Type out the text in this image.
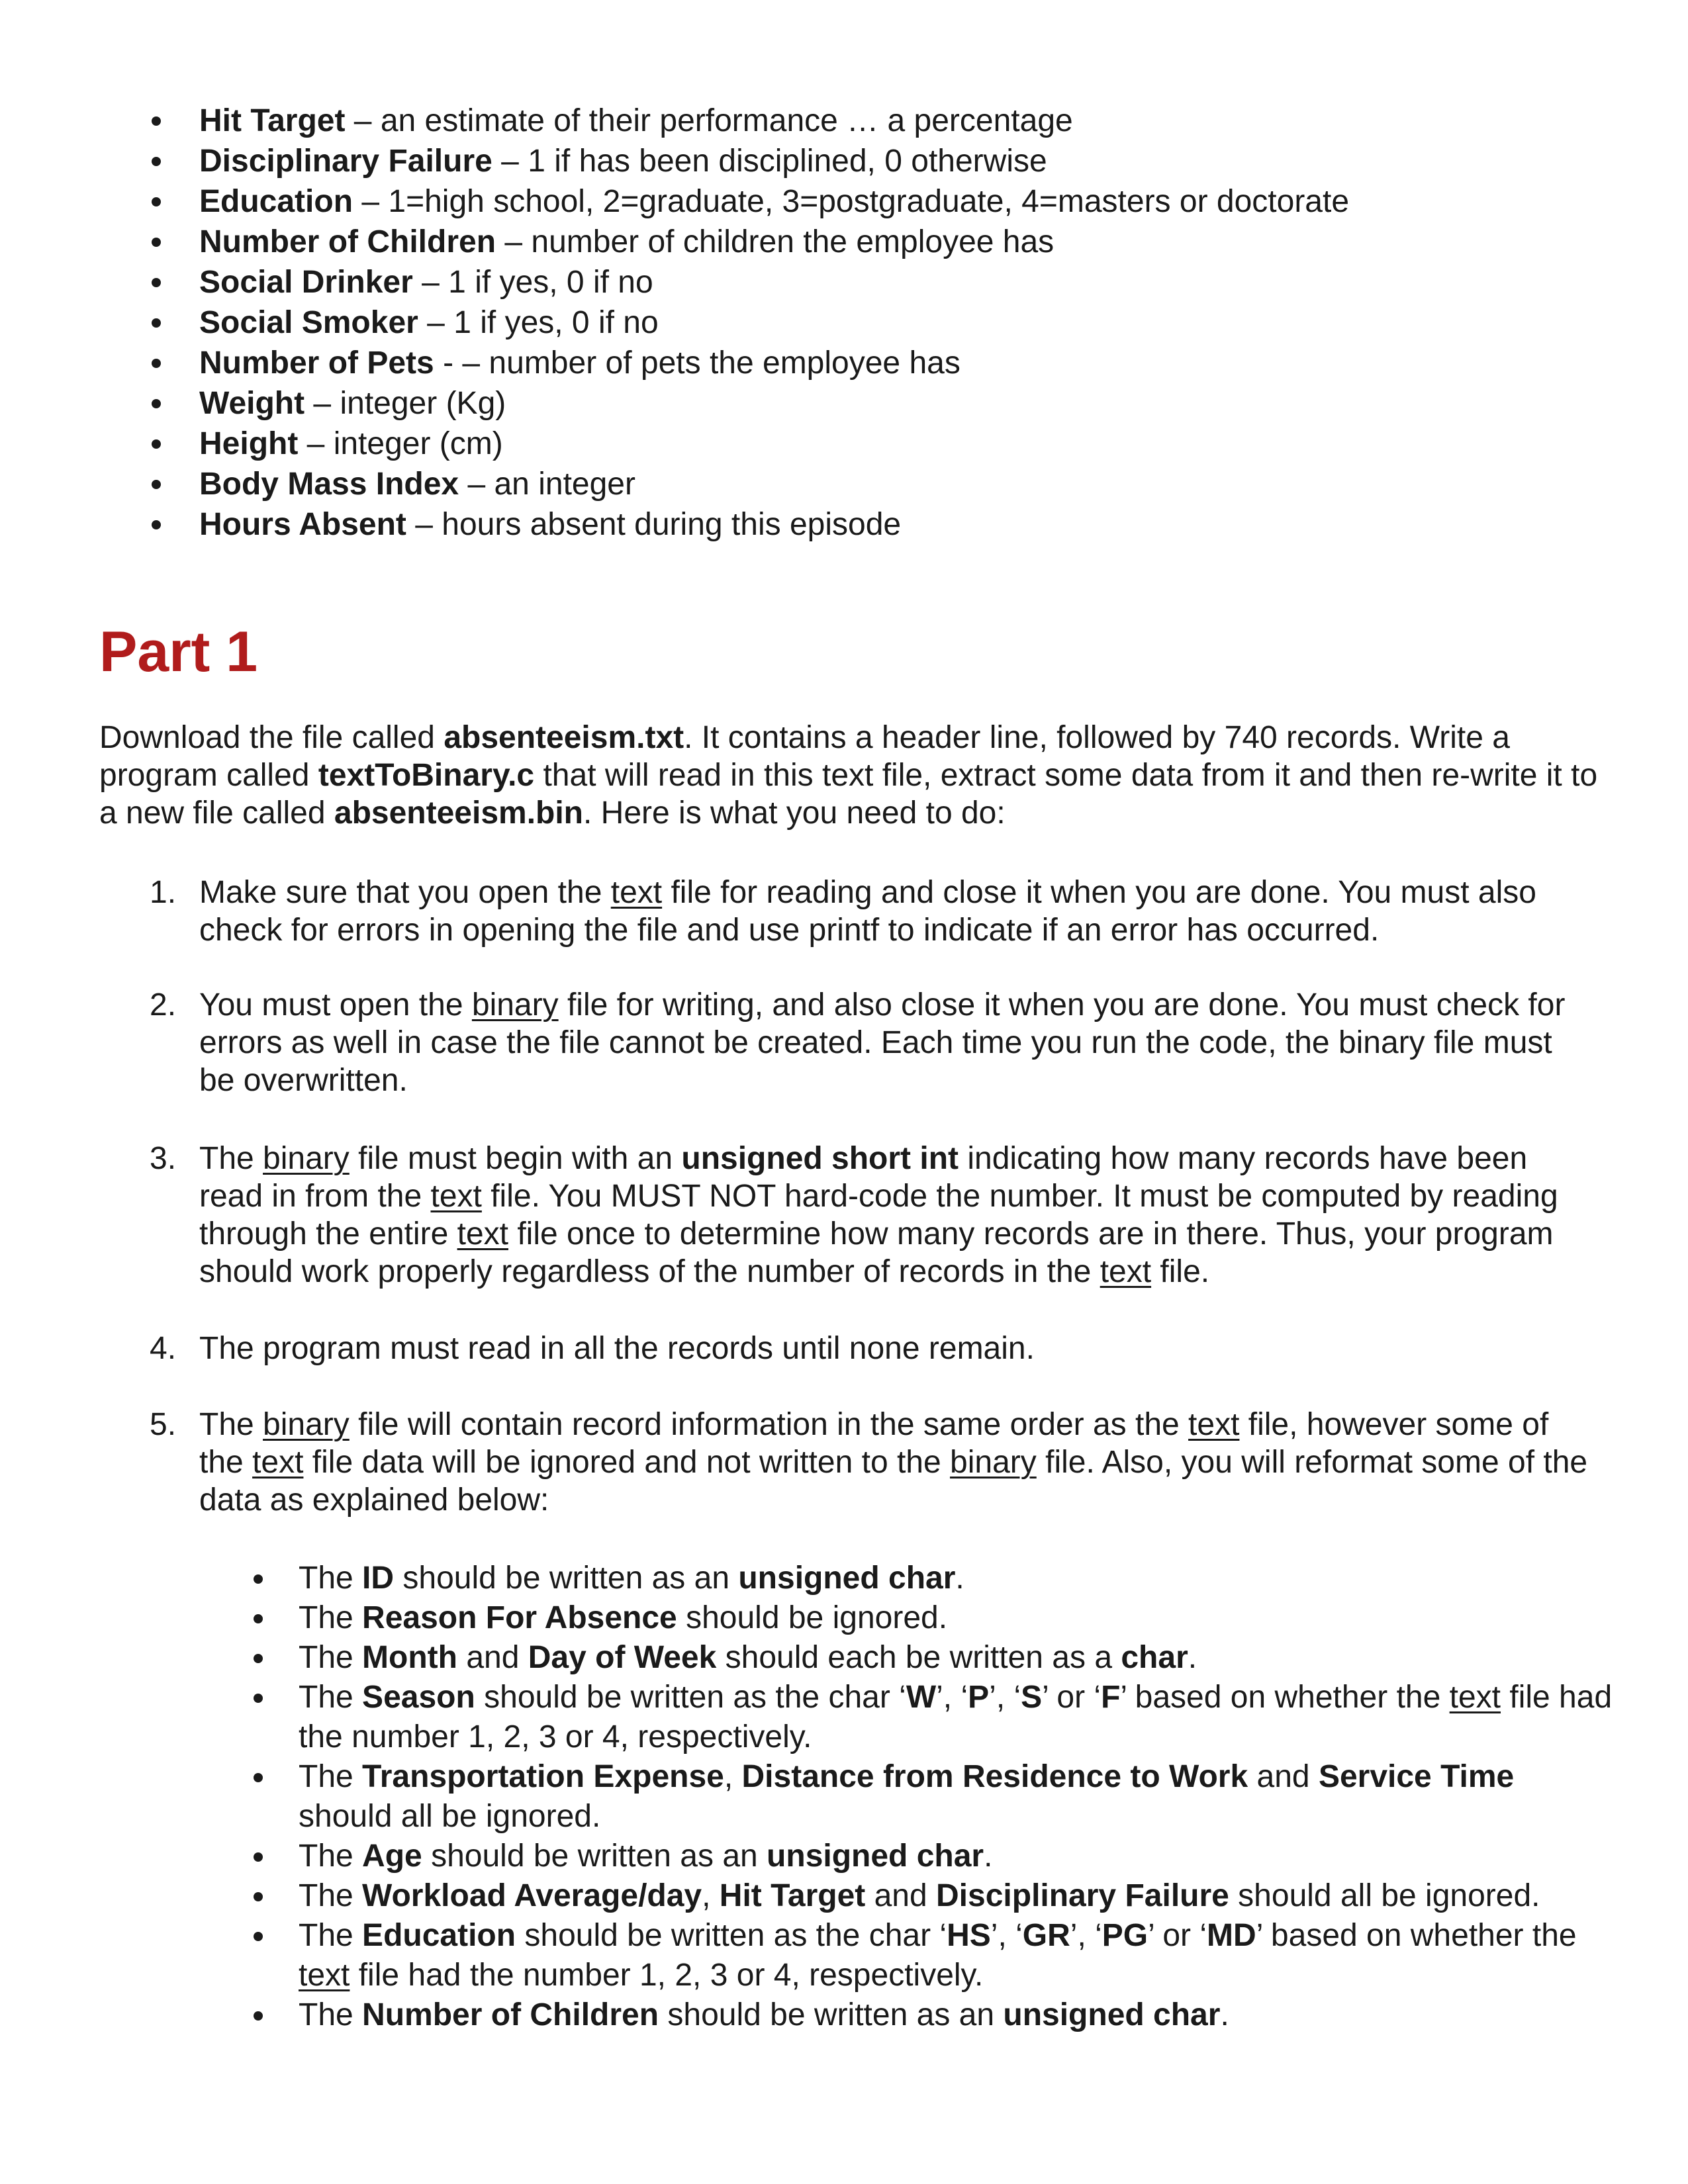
Hit Target – an estimate of their performance … a percentage
Disciplinary Failure – 1 if has been disciplined, 0 otherwise
Education – 1=high school, 2=graduate, 3=postgraduate, 4=masters or doctorate
Number of Children – number of children the employee has
Social Drinker – 1 if yes, 0 if no
Social Smoker – 1 if yes, 0 if no
Number of Pets - – number of pets the employee has
Weight – integer (Kg)
Height – integer (cm)
Body Mass Index – an integer
Hours Absent – hours absent during this episode
Part 1

Download the file called absenteeism.txt. It contains a header line, followed by 740 records. Write a program called textToBinary.c that will read in this text file, extract some data from it and then re-write it to a new file called absenteeism.bin. Here is what you need to do:

1. Make sure that you open the text file for reading and close it when you are done. You must also check for errors in opening the file and use printf to indicate if an error has occurred.
2. You must open the binary file for writing, and also close it when you are done. You must check for errors as well in case the file cannot be created. Each time you run the code, the binary file must be overwritten.
3. The binary file must begin with an unsigned short int indicating how many records have been read in from the text file. You MUST NOT hard-code the number. It must be computed by reading through the entire text file once to determine how many records are in there. Thus, your program should work properly regardless of the number of records in the text file.
4. The program must read in all the records until none remain.
5. The binary file will contain record information in the same order as the text file, however some of the text file data will be ignored and not written to the binary file. Also, you will reformat some of the data as explained below:
The ID should be written as an unsigned char.
The Reason For Absence should be ignored.
The Month and Day of Week should each be written as a char.
The Season should be written as the char ‘W’, ‘P’, ‘S’ or ‘F’ based on whether the text file had the number 1, 2, 3 or 4, respectively.
The Transportation Expense, Distance from Residence to Work and Service Time should all be ignored.
The Age should be written as an unsigned char.
The Workload Average/day, Hit Target and Disciplinary Failure should all be ignored.
The Education should be written as the char ‘HS’, ‘GR’, ‘PG’ or ‘MD’ based on whether the text file had the number 1, 2, 3 or 4, respectively.
The Number of Children should be written as an unsigned char.
